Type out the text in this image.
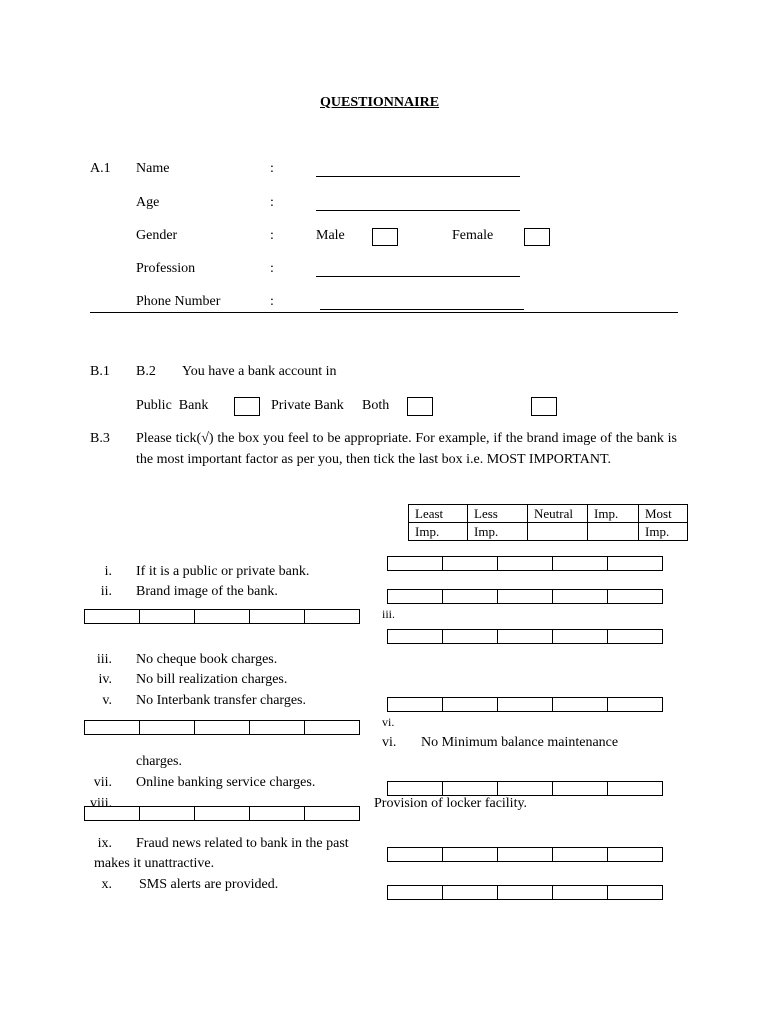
QUESTIONNAIRE
A.1 Name	:
Age	:
Gender	:	Male	Female
Profession	:
Phone Number	:
B.1 B.2 You have a bank account in
Public  Bank	Private Bank Both
B.3 Please tick(√) the box you feel to be appropriate. For example, if the brand image of the bank is the most important factor as per you, then tick the last box i.e. MOST IMPORTANT.
Least	Less	Neutral	Imp.	Most
Imp.	Imp.			Imp.
i. If it is a public or private bank.
ii. Brand image of the bank.
iii.
iii. No cheque book charges.
iv. No bill realization charges.
v. No Interbank transfer charges.
vi.
vi. No Minimum balance maintenance
charges.
vii. Online banking service charges.
viii.	Provision of locker facility.
ix. Fraud news related to bank in the past
makes it unattractive.
x. SMS alerts are provided.
